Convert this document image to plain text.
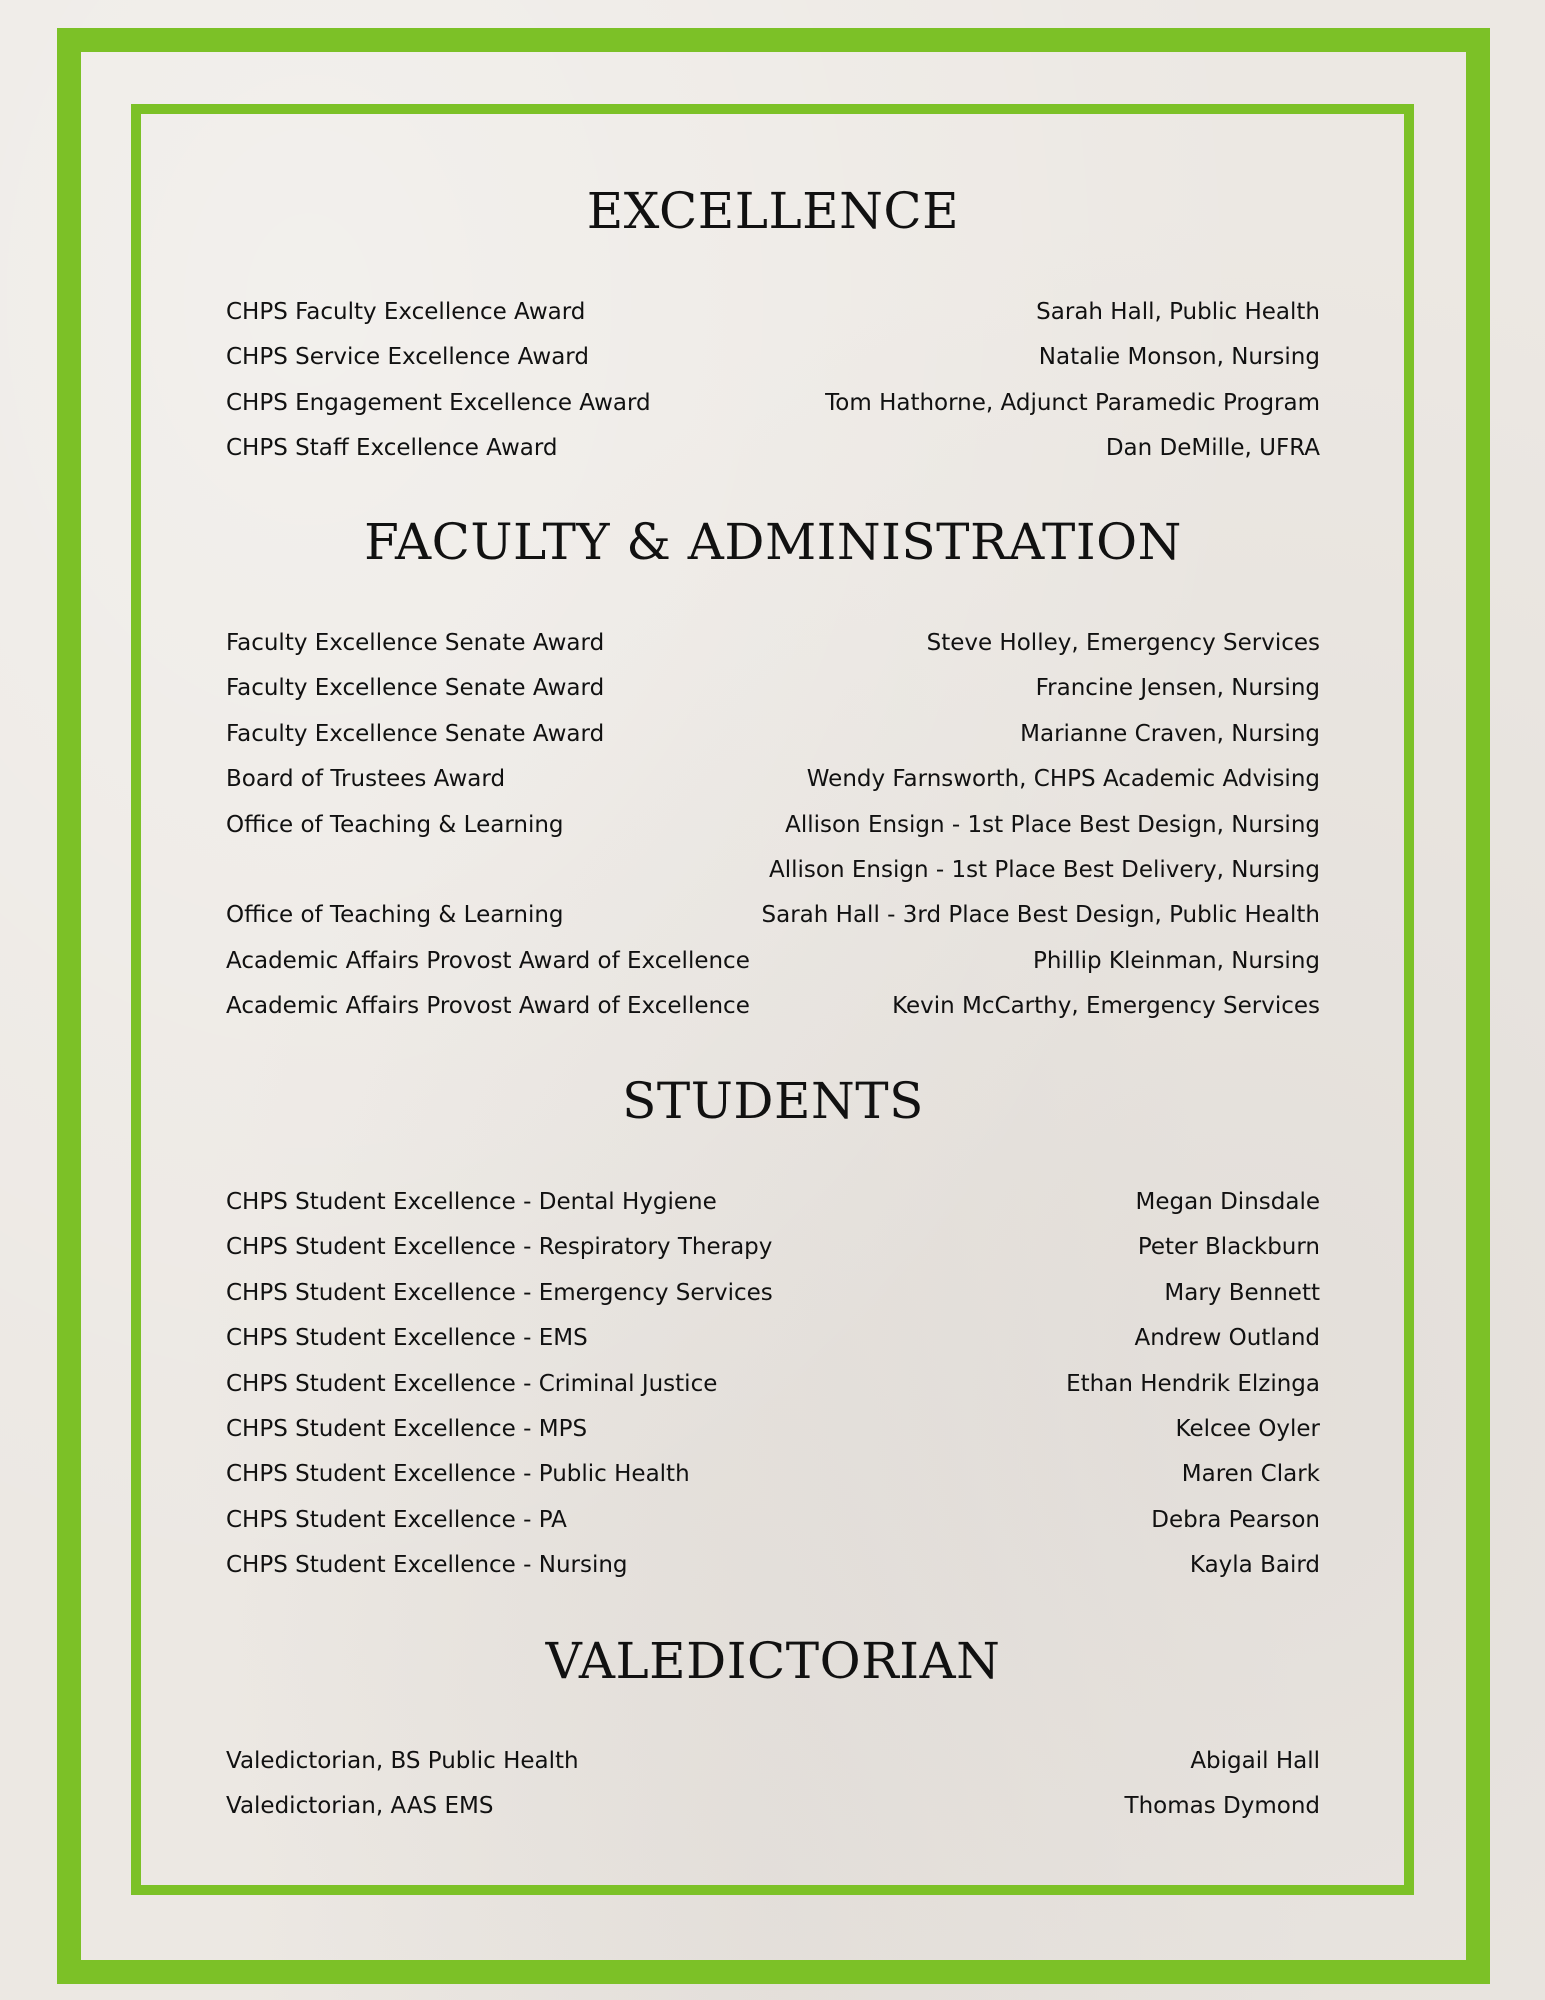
EXCELLENCE
CHPS Faculty Excellence Award	Sarah Hall, Public Health
CHPS Service Excellence Award	Natalie Monson, Nursing
CHPS Engagement Excellence Award	Tom Hathorne, Adjunct Paramedic Program
CHPS Staff Excellence Award	Dan DeMille, UFRA
FACULTY & ADMINISTRATION
Faculty Excellence Senate Award	Steve Holley, Emergency Services
Faculty Excellence Senate Award	Francine Jensen, Nursing
Faculty Excellence Senate Award	Marianne Craven, Nursing
Board of Trustees Award	Wendy Farnsworth, CHPS Academic Advising
Office of Teaching & Learning	Allison Ensign - 1st Place Best Design, Nursing
Allison Ensign - 1st Place Best Delivery, Nursing
Office of Teaching & Learning	Sarah Hall - 3rd Place Best Design, Public Health
Academic Affairs Provost Award of Excellence	Phillip Kleinman, Nursing
Academic Affairs Provost Award of Excellence	Kevin McCarthy, Emergency Services
STUDENTS
CHPS Student Excellence - Dental Hygiene	Megan Dinsdale
CHPS Student Excellence - Respiratory Therapy	Peter Blackburn
CHPS Student Excellence - Emergency Services	Mary Bennett
CHPS Student Excellence - EMS	Andrew Outland
CHPS Student Excellence - Criminal Justice	Ethan Hendrik Elzinga
CHPS Student Excellence - MPS	Kelcee Oyler
CHPS Student Excellence - Public Health	Maren Clark
CHPS Student Excellence - PA	Debra Pearson
CHPS Student Excellence - Nursing	Kayla Baird
VALEDICTORIAN
Valedictorian, BS Public Health	Abigail Hall
Valedictorian, AAS EMS	Thomas Dymond
